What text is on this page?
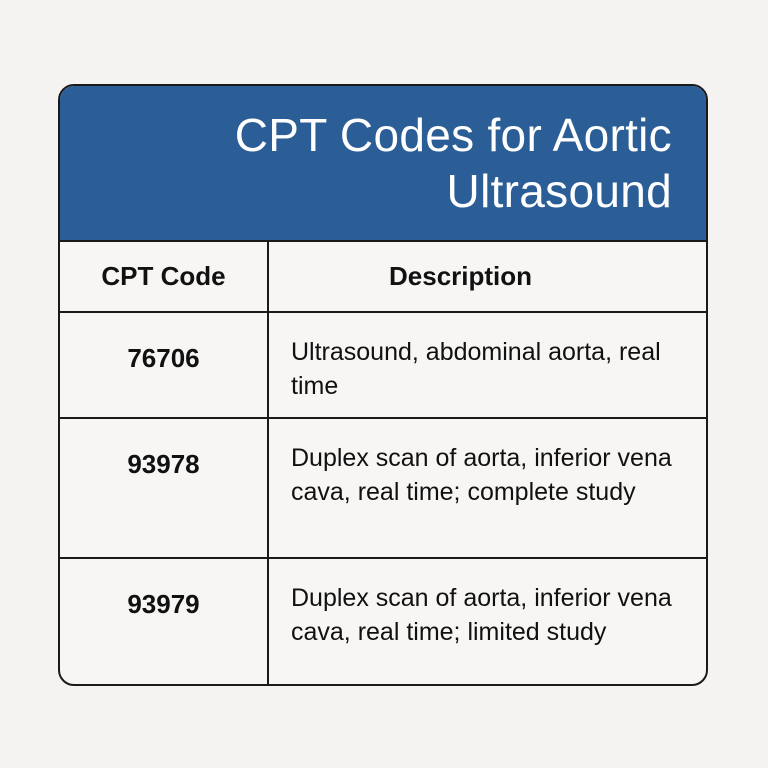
CPT Codes for Aortic Ultrasound
CPT Code	Description
76706	Ultrasound, abdominal aorta, real time
93978	Duplex scan of aorta, inferior vena cava, real time; complete study
93979	Duplex scan of aorta, inferior vena cava, real time; limited study
